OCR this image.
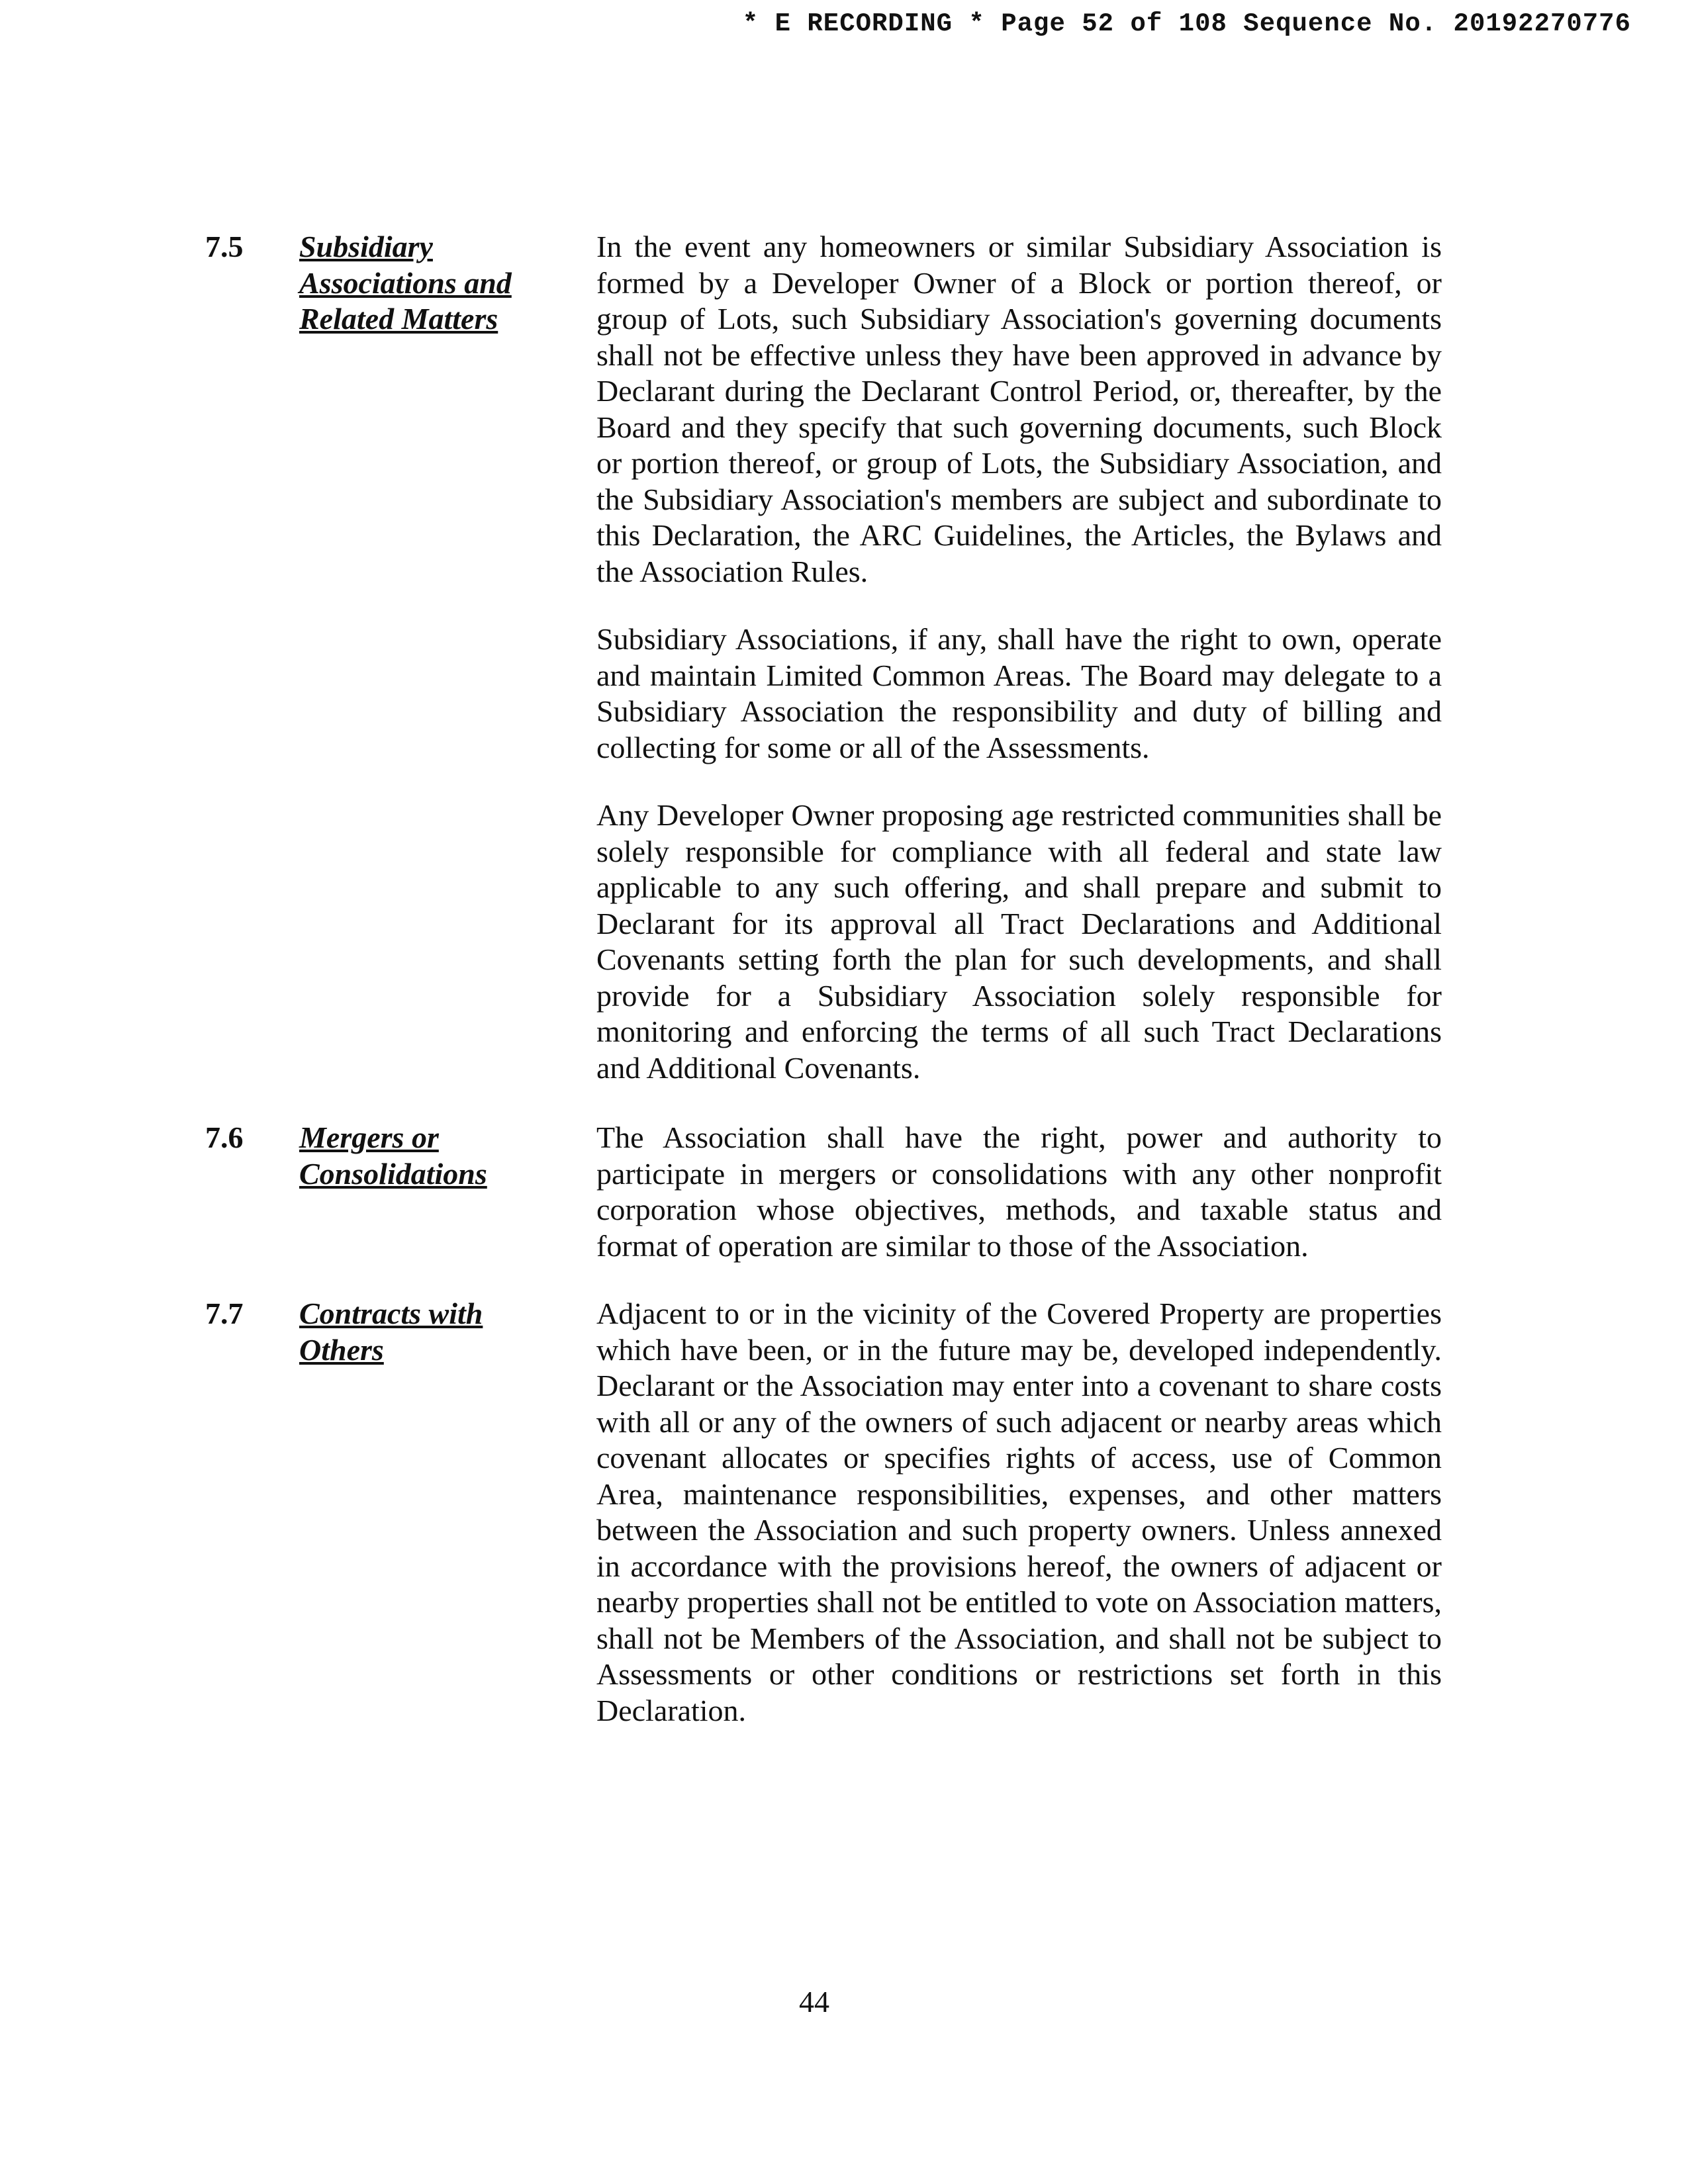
* E RECORDING * Page 52 of 108 Sequence No. 20192270776
7.5 Subsidiary Associations and Related Matters

In the event any homeowners or similar Subsidiary Association is formed by a Developer Owner of a Block or portion thereof, or group of Lots, such Subsidiary Association's governing documents shall not be effective unless they have been approved in advance by Declarant during the Declarant Control Period, or, thereafter, by the Board and they specify that such governing documents, such Block or portion thereof, or group of Lots, the Subsidiary Association, and the Subsidiary Association's members are subject and subordinate to this Declaration, the ARC Guidelines, the Articles, the Bylaws and the Association Rules.

Subsidiary Associations, if any, shall have the right to own, operate and maintain Limited Common Areas. The Board may delegate to a Subsidiary Association the responsibility and duty of billing and collecting for some or all of the Assessments.

Any Developer Owner proposing age restricted communities shall be solely responsible for compliance with all federal and state law applicable to any such offering, and shall prepare and submit to Declarant for its approval all Tract Declarations and Additional Covenants setting forth the plan for such developments, and shall provide for a Subsidiary Association solely responsible for monitoring and enforcing the terms of all such Tract Declarations and Additional Covenants.

7.6 Mergers or Consolidations

The Association shall have the right, power and authority to participate in mergers or consolidations with any other nonprofit corporation whose objectives, methods, and taxable status and format of operation are similar to those of the Association.

7.7 Contracts with Others

Adjacent to or in the vicinity of the Covered Property are properties which have been, or in the future may be, developed independently. Declarant or the Association may enter into a covenant to share costs with all or any of the owners of such adjacent or nearby areas which covenant allocates or specifies rights of access, use of Common Area, maintenance responsibilities, expenses, and other matters between the Association and such property owners. Unless annexed in accordance with the provisions hereof, the owners of adjacent or nearby properties shall not be entitled to vote on Association matters, shall not be Members of the Association, and shall not be subject to Assessments or other conditions or restrictions set forth in this Declaration.

44
